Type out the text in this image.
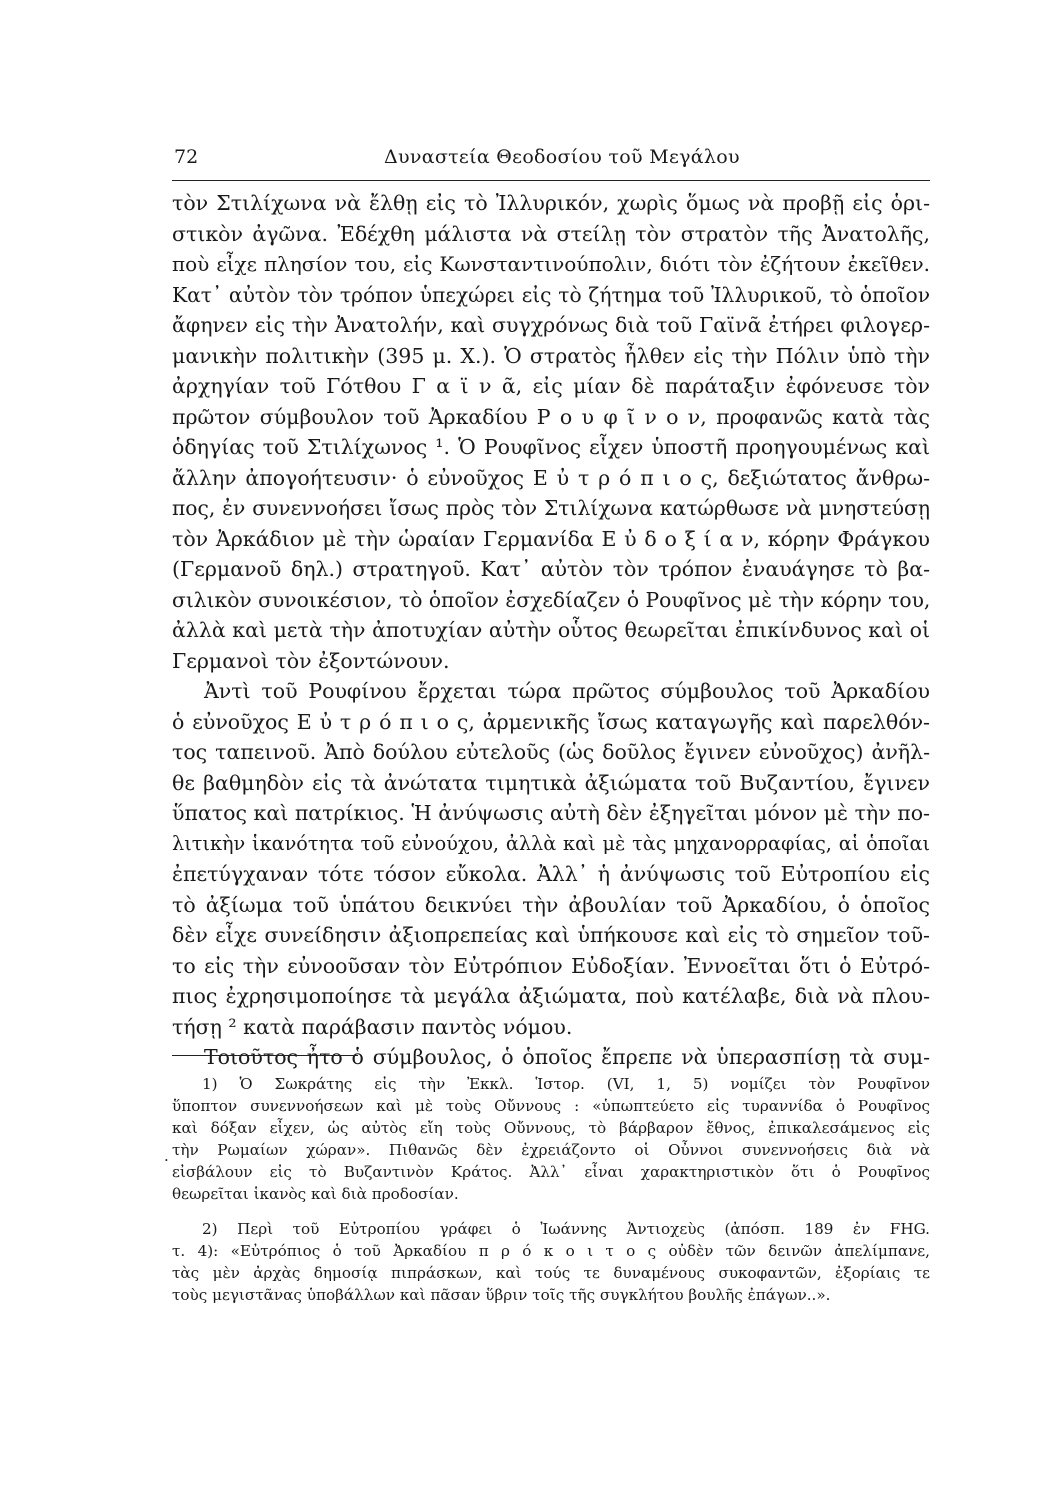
72	Δυναστεία Θεοδοσίου τοῦ Μεγάλου
τὸν Στιλίχωνα νὰ ἔλθῃ εἰς τὸ Ἰλλυρικόν, χωρὶς ὅμως νὰ προβῇ εἰς ὁρι-
στικὸν ἀγῶνα. Ἐδέχθη μάλιστα νὰ στείλῃ τὸν στρατὸν τῆς Ἀνατολῆς,
ποὺ εἶχε πλησίον του, εἰς Κωνσταντινούπολιν, διότι τὸν ἐζήτουν ἐκεῖθεν.
Κατ᾽ αὐτὸν τὸν τρόπον ὑπεχώρει εἰς τὸ ζήτημα τοῦ Ἰλλυρικοῦ, τὸ ὁποῖον
ἄφηνεν εἰς τὴν Ἀνατολήν, καὶ συγχρόνως διὰ τοῦ Γαϊνᾶ ἐτήρει φιλογερ-
μανικὴν πολιτικὴν (395 μ. Χ.). Ὁ στρατὸς ἦλθεν εἰς τὴν Πόλιν ὑπὸ τὴν
ἀρχηγίαν τοῦ Γότθου Γ α ϊ ν ᾶ, εἰς μίαν δὲ παράταξιν ἐφόνευσε τὸν
πρῶτον σύμβουλον τοῦ Ἀρκαδίου Ρ ο υ φ ῖ ν ο ν, προφανῶς κατὰ τὰς
ὁδηγίας τοῦ Στιλίχωνος ¹. Ὁ Ρουφῖνος εἶχεν ὑποστῆ προηγουμένως καὶ
ἄλλην ἀπογοήτευσιν· ὁ εὐνοῦχος Ε ὐ τ ρ ό π ι ο ς, δεξιώτατος ἄνθρω-
πος, ἐν συνεννοήσει ἴσως πρὸς τὸν Στιλίχωνα κατώρθωσε νὰ μνηστεύσῃ
τὸν Ἀρκάδιον μὲ τὴν ὡραίαν Γερμανίδα Ε ὐ δ ο ξ ί α ν, κόρην Φράγκου
(Γερμανοῦ δηλ.) στρατηγοῦ. Κατ᾽ αὐτὸν τὸν τρόπον ἐναυάγησε τὸ βα-
σιλικὸν συνοικέσιον, τὸ ὁποῖον ἐσχεδίαζεν ὁ Ρουφῖνος μὲ τὴν κόρην του,
ἀλλὰ καὶ μετὰ τὴν ἀποτυχίαν αὐτὴν οὗτος θεωρεῖται ἐπικίνδυνος καὶ οἱ
Γερμανοὶ τὸν ἐξοντώνουν.
Ἀντὶ τοῦ Ρουφίνου ἔρχεται τώρα πρῶτος σύμβουλος τοῦ Ἀρκαδίου
ὁ εὐνοῦχος Ε ὐ τ ρ ό π ι ο ς, ἀρμενικῆς ἴσως καταγωγῆς καὶ παρελθόν-
τος ταπεινοῦ. Ἀπὸ δούλου εὐτελοῦς (ὡς δοῦλος ἔγινεν εὐνοῦχος) ἀνῆλ-
θε βαθμηδὸν εἰς τὰ ἀνώτατα τιμητικὰ ἀξιώματα τοῦ Βυζαντίου, ἔγινεν
ὕπατος καὶ πατρίκιος. Ἡ ἀνύψωσις αὐτὴ δὲν ἐξηγεῖται μόνον μὲ τὴν πο-
λιτικὴν ἱκανότητα τοῦ εὐνούχου, ἀλλὰ καὶ μὲ τὰς μηχανορραφίας, αἱ ὁποῖαι
ἐπετύγχαναν τότε τόσον εὔκολα. Ἀλλ᾽ ἡ ἀνύψωσις τοῦ Εὐτροπίου εἰς
τὸ ἀξίωμα τοῦ ὑπάτου δεικνύει τὴν ἀβουλίαν τοῦ Ἀρκαδίου, ὁ ὁποῖος
δὲν εἶχε συνείδησιν ἀξιοπρεπείας καὶ ὑπήκουσε καὶ εἰς τὸ σημεῖον τοῦ-
το εἰς τὴν εὐνοοῦσαν τὸν Εὐτρόπιον Εὐδοξίαν. Ἐννοεῖται ὅτι ὁ Εὐτρό-
πιος ἐχρησιμοποίησε τὰ μεγάλα ἀξιώματα, ποὺ κατέλαβε, διὰ νὰ πλου-
τήσῃ ² κατὰ παράβασιν παντὸς νόμου.
Τοιοῦτος ἦτο ὁ σύμβουλος, ὁ ὁποῖος ἔπρεπε νὰ ὑπερασπίσῃ τὰ συμ-
1) Ὁ Σωκράτης εἰς τὴν Ἐκκλ. Ἱστορ. (VI, 1, 5) νομίζει τὸν Ρουφῖνον
ὕποπτον συνεννοήσεων καὶ μὲ τοὺς Οὔννους : «ὑπωπτεύετο εἰς τυραννίδα ὁ Ρουφῖνος
καὶ δόξαν εἶχεν, ὡς αὐτὸς εἴη τοὺς Οὔννους, τὸ βάρβαρον ἔθνος, ἐπικαλεσάμενος εἰς
τὴν Ρωμαίων χώραν». Πιθανῶς δὲν ἐχρειάζοντο οἱ Οὖννοι συνεννοήσεις διὰ νὰ
εἰσβάλουν εἰς τὸ Βυζαντινὸν Κράτος. Ἀλλ᾽ εἶναι χαρακτηριστικὸν ὅτι ὁ Ρουφῖνος
θεωρεῖται ἱκανὸς καὶ διὰ προδοσίαν.
2) Περὶ τοῦ Εὐτροπίου γράφει ὁ Ἰωάννης Ἀντιοχεὺς (ἀπόσπ. 189 ἐν FHG.
τ. 4): «Εὐτρόπιος ὁ τοῦ Ἀρκαδίου π ρ ό κ ο ι τ ο ς οὐδὲν τῶν δεινῶν ἀπελίμπανε,
τὰς μὲν ἀρχὰς δημοσίᾳ πιπράσκων, καὶ τούς τε δυναμένους συκοφαντῶν, ἐξορίαις τε
τοὺς μεγιστᾶνας ὑποβάλλων καὶ πᾶσαν ὕβριν τοῖς τῆς συγκλήτου βουλῆς ἐπάγων..».
·
